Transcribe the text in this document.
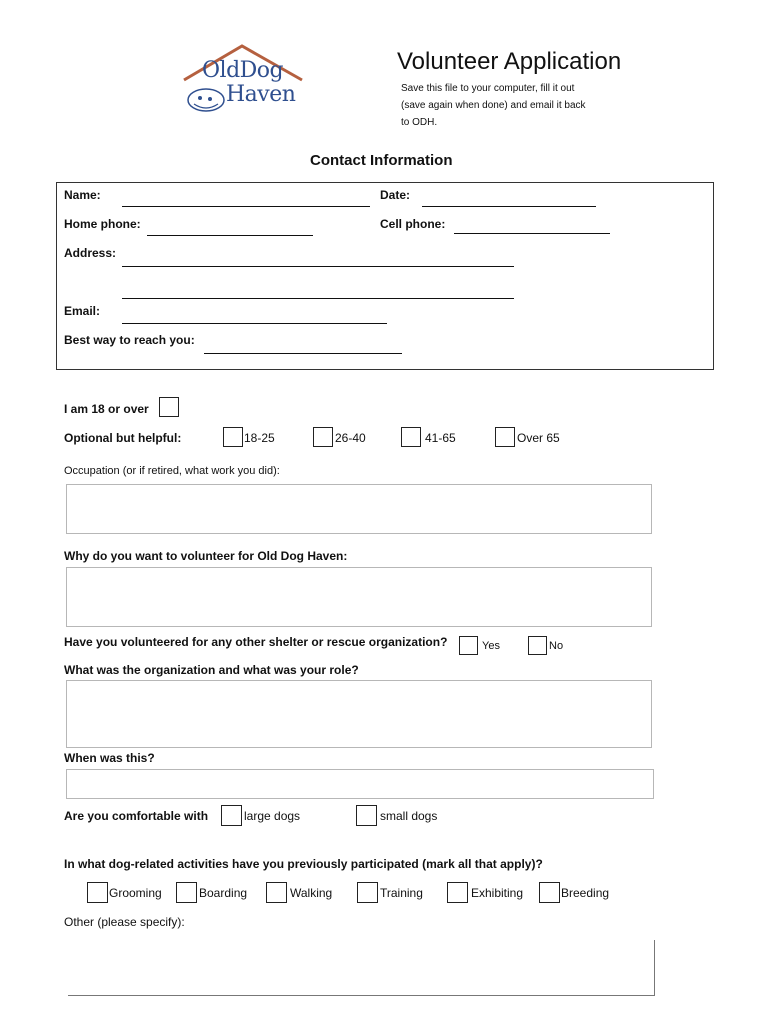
OldDog
Haven
Volunteer Application
Save this file to your computer, fill it out
(save again when done) and email it back
to ODH.
Contact Information
Name:	Date:
Home phone:	Cell phone:
Address:
Email:
Best way to reach you:
I am 18 or over
Optional but helpful:	18-25	26-40	41-65	Over 65
Occupation (or if retired, what work you did):
Why do you want to volunteer for Old Dog Haven:
Have you volunteered for any other shelter or rescue organization?	Yes	No
What was the organization and what was your role?
When was this?
Are you comfortable with	large dogs	small dogs
In what dog-related activities have you previously participated (mark all that apply)?
Grooming	Boarding	Walking	Training	Exhibiting	Breeding
Other (please specify):
